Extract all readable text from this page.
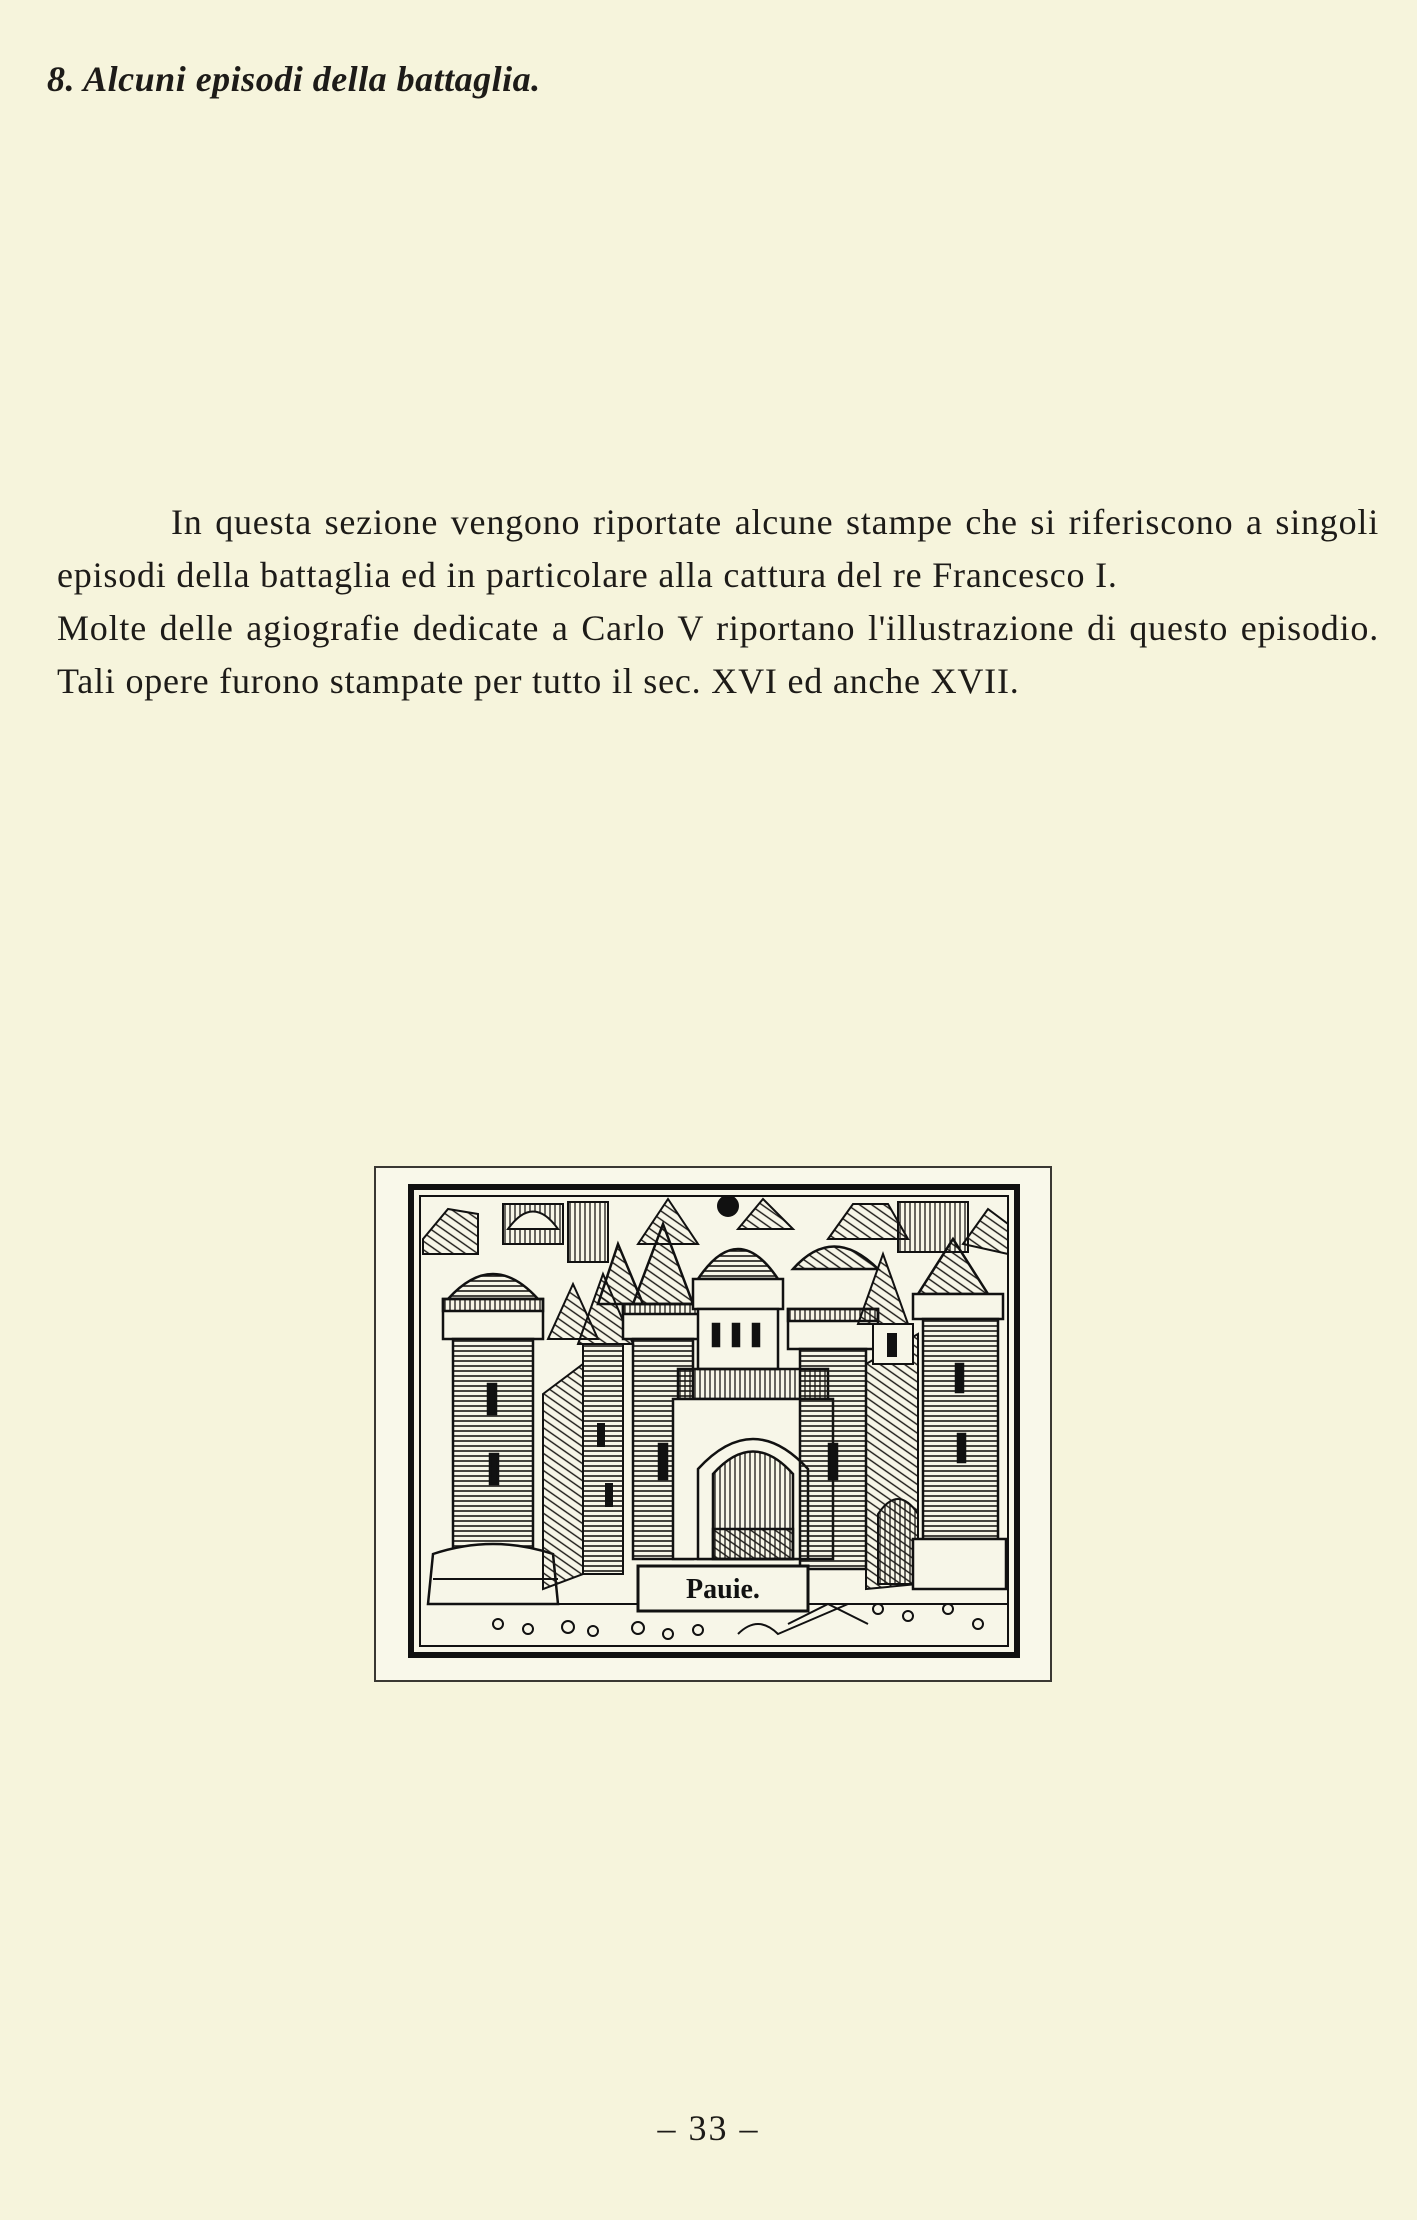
8. Alcuni episodi della battaglia.

In questa sezione vengono riportate alcune stampe che si riferiscono a singoli episodi della battaglia ed in particolare alla cattura del re Francesco I.

Molte delle agiografie dedicate a Carlo V riportano l'illustrazione di questo episodio. Tali opere furono stampate per tutto il sec. XVI ed anche XVII.

Pauie.
– 33 –
